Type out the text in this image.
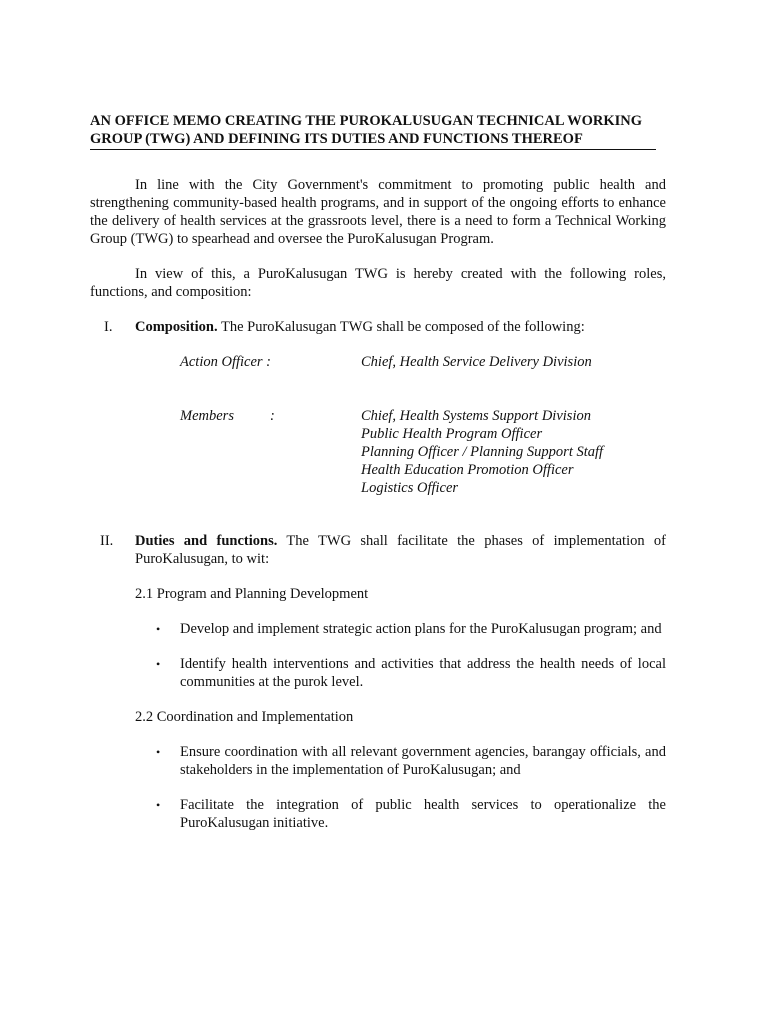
AN OFFICE MEMO CREATING THE PUROKALUSUGAN TECHNICAL WORKING
GROUP (TWG) AND DEFINING ITS DUTIES AND FUNCTIONS THEREOF

In line with the City Government's commitment to promoting public health and strengthening community-based health programs, and in support of the ongoing efforts to enhance the delivery of health services at the grassroots level, there is a need to form a Technical Working Group (TWG) to spearhead and oversee the PuroKalusugan Program.

In view of this, a PuroKalusugan TWG is hereby created with the following roles, functions, and composition:

I. Composition. The PuroKalusugan TWG shall be composed of the following:
Action Officer :	Chief, Health Service Delivery Division
Members :	Chief, Health Systems Support Division
Public Health Program Officer
Planning Officer / Planning Support Staff
Health Education Promotion Officer
Logistics Officer
II. Duties and functions. The TWG shall facilitate the phases of implementation of PuroKalusugan, to wit:
2.1 Program and Planning Development
• Develop and implement strategic action plans for the PuroKalusugan program; and
• Identify health interventions and activities that address the health needs of local communities at the purok level.
2.2 Coordination and Implementation
• Ensure coordination with all relevant government agencies, barangay officials, and stakeholders in the implementation of PuroKalusugan; and
• Facilitate the integration of public health services to operationalize the PuroKalusugan initiative.
